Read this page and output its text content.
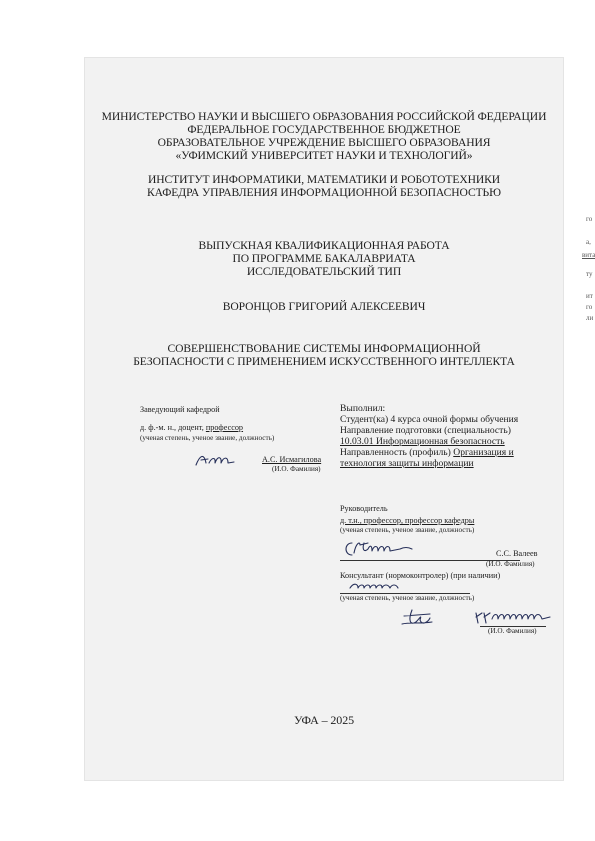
МИНИСТЕРСТВО НАУКИ И ВЫСШЕГО ОБРАЗОВАНИЯ РОССИЙСКОЙ ФЕДЕРАЦИИ

ФЕДЕРАЛЬНОЕ ГОСУДАРСТВЕННОЕ БЮДЖЕТНОЕ

ОБРАЗОВАТЕЛЬНОЕ УЧРЕЖДЕНИЕ ВЫСШЕГО ОБРАЗОВАНИЯ

«УФИМСКИЙ УНИВЕРСИТЕТ НАУКИ И ТЕХНОЛОГИЙ»

ИНСТИТУТ ИНФОРМАТИКИ, МАТЕМАТИКИ И РОБОТОТЕХНИКИ

КАФЕДРА УПРАВЛЕНИЯ ИНФОРМАЦИОННОЙ БЕЗОПАСНОСТЬЮ

ВЫПУСКНАЯ КВАЛИФИКАЦИОННАЯ РАБОТА

ПО ПРОГРАММЕ БАКАЛАВРИАТА

ИССЛЕДОВАТЕЛЬСКИЙ ТИП

ВОРОНЦОВ ГРИГОРИЙ АЛЕКСЕЕВИЧ

СОВЕРШЕНСТВОВАНИЕ СИСТЕМЫ ИНФОРМАЦИОННОЙ

БЕЗОПАСНОСТИ С ПРИМЕНЕНИЕМ ИСКУССТВЕННОГО ИНТЕЛЛЕКТА

Заведующий кафедрой

д. ф.-м. н., доцент, профессор

(ученая степень, ученое звание, должность)

А.С. Исмагилова

(И.О. Фамилия)

Выполнил:

Студент(ка) 4 курса очной формы обучения

Направление подготовки (специальность)

10.03.01 Информационная безопасность

Направленность (профиль) Организация и

технология защиты информации

Руководитель

д. т.н., профессор, профессор кафедры

(ученая степень, ученое звание, должность)

С.С. Валеев

(И.О. Фамилия)

Консультант (нормоконтролер) (при наличии)

(ученая степень, ученое звание, должность)

(И.О. Фамилия)

УФА – 2025

го
а,
вита
ту
ит
го
ли
